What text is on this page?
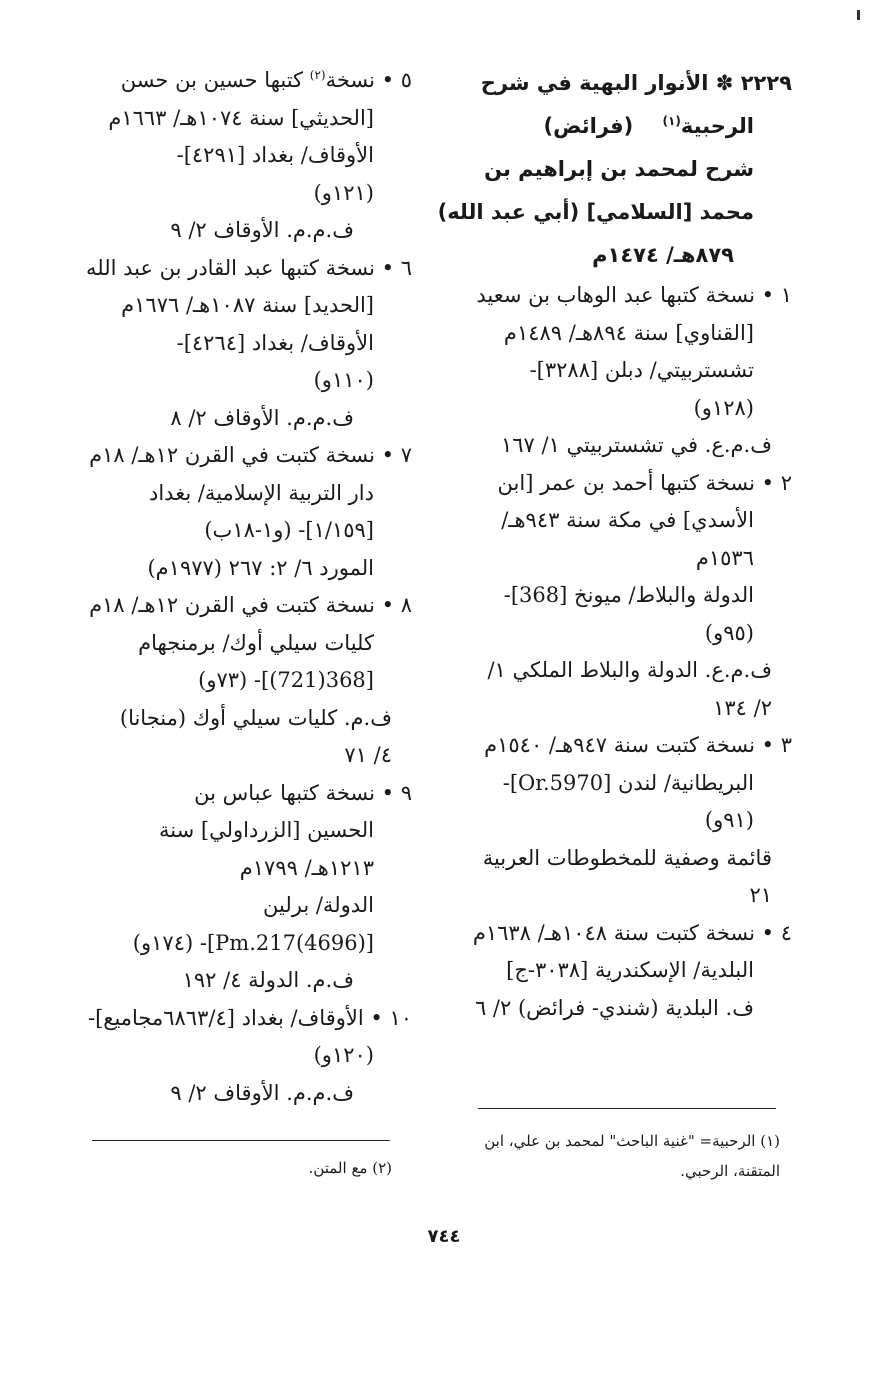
٢٢٢٩ ✽ الأنوار البهية في شرح
الرحبية$^{(١)}$    (فرائض)
شرح لمحمد بن إبراهيم بن
محمد [السلامي] (أبي عبد الله)
٨٧٩هـ/ ١٤٧٤م
١ • نسخة كتبها عبد الوهاب بن سعيد
[القناوي] سنة ٨٩٤هـ/ ١٤٨٩م
تشستربيتي/ دبلن [٣٢٨٨]-
(١٢٨و)
ف.م.ع. في تشستربيتي ١/ ١٦٧
٢ • نسخة كتبها أحمد بن عمر [ابن
الأسدي] في مكة سنة ٩٤٣هـ/
١٥٣٦م
الدولة والبلاط/ ميونخ [368]-
(٩٥و)
ف.م.ع. الدولة والبلاط الملكي ١/
٢/ ١٣٤
٣ • نسخة كتبت سنة ٩٤٧هـ/ ١٥٤٠م
البريطانية/ لندن [Or.5970]-
(٩١و)
قائمة وصفية للمخطوطات العربية
٢١
٤ • نسخة كتبت سنة ١٠٤٨هـ/ ١٦٣٨م
البلدية/ الإسكندرية [٣٠٣٨-ج]
ف. البلدية (شندي- فرائض) ٢/ ٦
٥ • نسخة$^{(٢)}$ كتبها حسين بن حسن
[الحديثي] سنة ١٠٧٤هـ/ ١٦٦٣م
الأوقاف/ بغداد [٤٢٩١]-
(١٢١و)
ف.م.م. الأوقاف ٢/ ٩
٦ • نسخة كتبها عبد القادر بن عبد الله
[الحديد] سنة ١٠٨٧هـ/ ١٦٧٦م
الأوقاف/ بغداد [٤٢٦٤]-
(١١٠و)
ف.م.م. الأوقاف ٢/ ٨
٧ • نسخة كتبت في القرن ١٢هـ/ ١٨م
دار التربية الإسلامية/ بغداد
[١/١٥٩]- (و١-١٨ب)
المورد ٦/ ٢: ٢٦٧ (١٩٧٧م)
٨ • نسخة كتبت في القرن ١٢هـ/ ١٨م
كليات سيلي أوك/ برمنجهام
[368(721)]- (٧٣و)
ف.م. كليات سيلي أوك (منجانا)
٤/ ٧١
٩ • نسخة كتبها عباس بن
الحسين [الزرداولي] سنة
١٢١٣هـ/ ١٧٩٩م
الدولة/ برلين
[Pm.217(4696)]- (١٧٤و)
ف.م. الدولة ٤/ ١٩٢
١٠ • الأوقاف/ بغداد [٦٨٦٣/٤مجاميع]-
(١٢٠و)
ف.م.م. الأوقاف ٢/ ٩
(١) الرحبية= "غنية الباحث" لمحمد بن علي، ابن
المتقنة، الرحبي.
(٢) مع المتن.
٧٤٤
